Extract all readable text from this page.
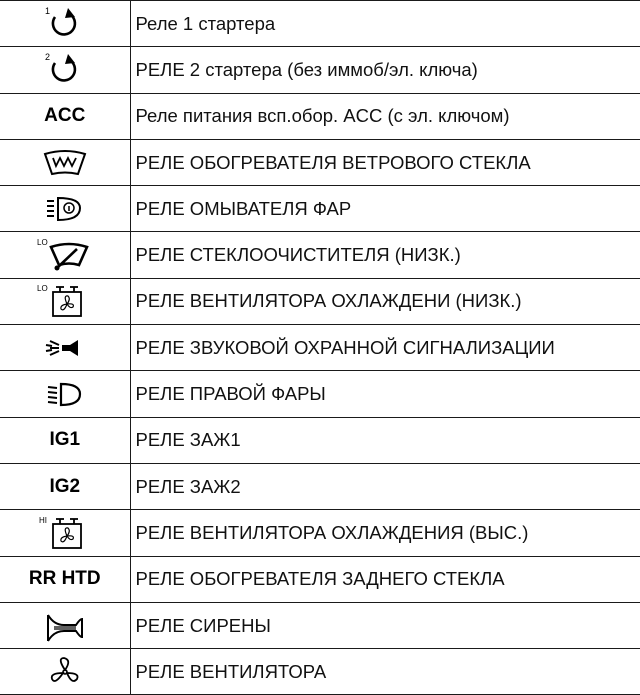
1	Реле 1 стартера

2	РЕЛЕ 2 стартера (без иммоб/эл. ключа)
ACC	Реле питания всп.обор. ACC (с эл. ключом)
	РЕЛЕ ОБОГРЕВАТЕЛЯ ВЕТРОВОГО СТЕКЛА
	РЕЛЕ ОМЫВАТЕЛЯ ФАР

LO	РЕЛЕ СТЕКЛООЧИСТИТЕЛЯ (НИЗК.)

LO	РЕЛЕ ВЕНТИЛЯТОРА ОХЛАЖДЕНИ (НИЗК.)
	РЕЛЕ ЗВУКОВОЙ ОХРАННОЙ СИГНАЛИЗАЦИИ
	РЕЛЕ ПРАВОЙ ФАРЫ
IG1	РЕЛЕ ЗАЖ1
IG2	РЕЛЕ ЗАЖ2

HI	РЕЛЕ ВЕНТИЛЯТОРА ОХЛАЖДЕНИЯ (ВЫС.)
RR HTD	РЕЛЕ ОБОГРЕВАТЕЛЯ ЗАДНЕГО СТЕКЛА
	РЕЛЕ СИРЕНЫ
	РЕЛЕ ВЕНТИЛЯТОРА
